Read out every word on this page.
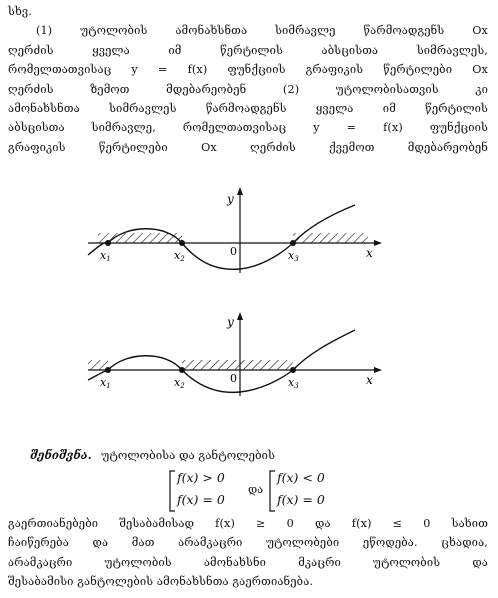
სხვ.
(1) უტოლობის ამონახსნთა სიმრავლე წარმოადგენს Ox
ღერძის ყველა იმ წერტილის აბსცისთა სიმრავლეს,
რომელთათვისაც y = f(x) ფუნქციის გრაფიკის წერტილები Ox
ღერძის ზემოთ მდებარეობენ (2) უტოლობისათვის კი
ამონახსნთა სიმრავლეს წარმოადგენს ყველა იმ წერტილის
აბსცისთა სიმრავლე, რომელთათვისაც y = f(x) ფუნქციის
გრაფიკის წერტილები Ox ღერძის ქვემოთ მდებარეობენ
x1	x2	x3
0
y
x
x1	x2	x3
0
y
x
შენიშვნა. უტოლობისა და განტოლების
f(x) > 0
f(x) = 0
და
f(x) < 0
f(x) = 0
გაერთიანებები შესაბამისად f(x) ≥ 0 და f(x) ≤ 0 სახით
ჩაიწერება და მათ არამკაცრი უტოლობები ეწოდება. ცხადია,
არამკაცრი უტოლობის ამონახსნი მკაცრი უტოლობის და
შესაბამისი განტოლების ამონახსნთა გაერთიანება.
